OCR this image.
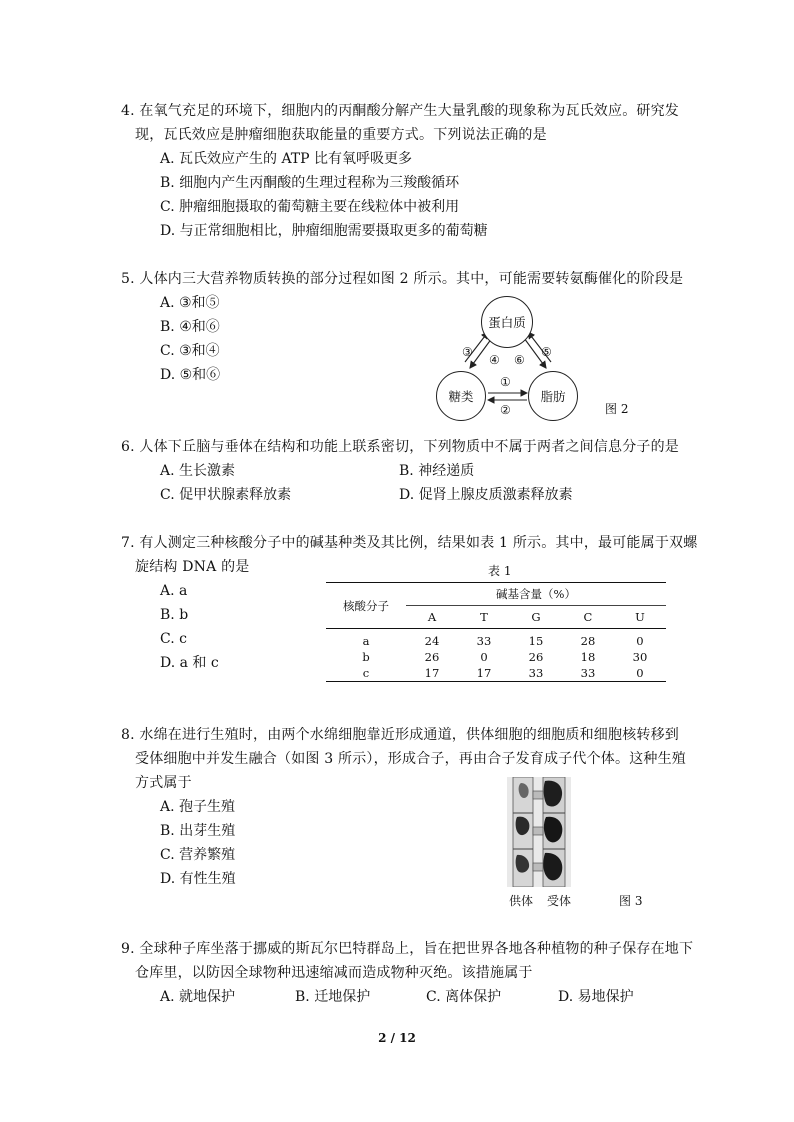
4. 在氧气充足的环境下，细胞内的丙酮酸分解产生大量乳酸的现象称为瓦氏效应。研究发
现，瓦氏效应是肿瘤细胞获取能量的重要方式。下列说法正确的是
A. 瓦氏效应产生的 ATP 比有氧呼吸更多
B. 细胞内产生丙酮酸的生理过程称为三羧酸循环
C. 肿瘤细胞摄取的葡萄糖主要在线粒体中被利用
D. 与正常细胞相比，肿瘤细胞需要摄取更多的葡萄糖
5. 人体内三大营养物质转换的部分过程如图 2 所示。其中，可能需要转氨酶催化的阶段是
A. ③和⑤
B. ④和⑥
C. ③和④
D. ⑤和⑥
蛋白质
糖类	脂肪
③
④ ⑥
⑤
①
②	图 2
6. 人体下丘脑与垂体在结构和功能上联系密切，下列物质中不属于两者之间信息分子的是
A. 生长激素	B. 神经递质
C. 促甲状腺素释放素	D. 促肾上腺皮质激素释放素
7. 有人测定三种核酸分子中的碱基种类及其比例，结果如表 1 所示。其中，最可能属于双螺
旋结构 DNA 的是
A. a
B. b
C. c
D. a 和 c
表 1
核酸分子	碱基含量（%）				
	A	T	G	C	U
a	24	33	15	28	0
b	26	0	26	18	30
c	17	17	33	33	0
8. 水绵在进行生殖时，由两个水绵细胞靠近形成通道，供体细胞的细胞质和细胞核转移到
受体细胞中并发生融合（如图 3 所示），形成合子，再由合子发育成子代个体。这种生殖
方式属于
A. 孢子生殖
B. 出芽生殖
C. 营养繁殖
D. 有性生殖
供体 受体	图 3
9. 全球种子库坐落于挪威的斯瓦尔巴特群岛上，旨在把世界各地各种植物的种子保存在地下
仓库里，以防因全球物种迅速缩减而造成物种灭绝。该措施属于
A. 就地保护	B. 迁地保护	C. 离体保护	D. 易地保护
2 / 12
